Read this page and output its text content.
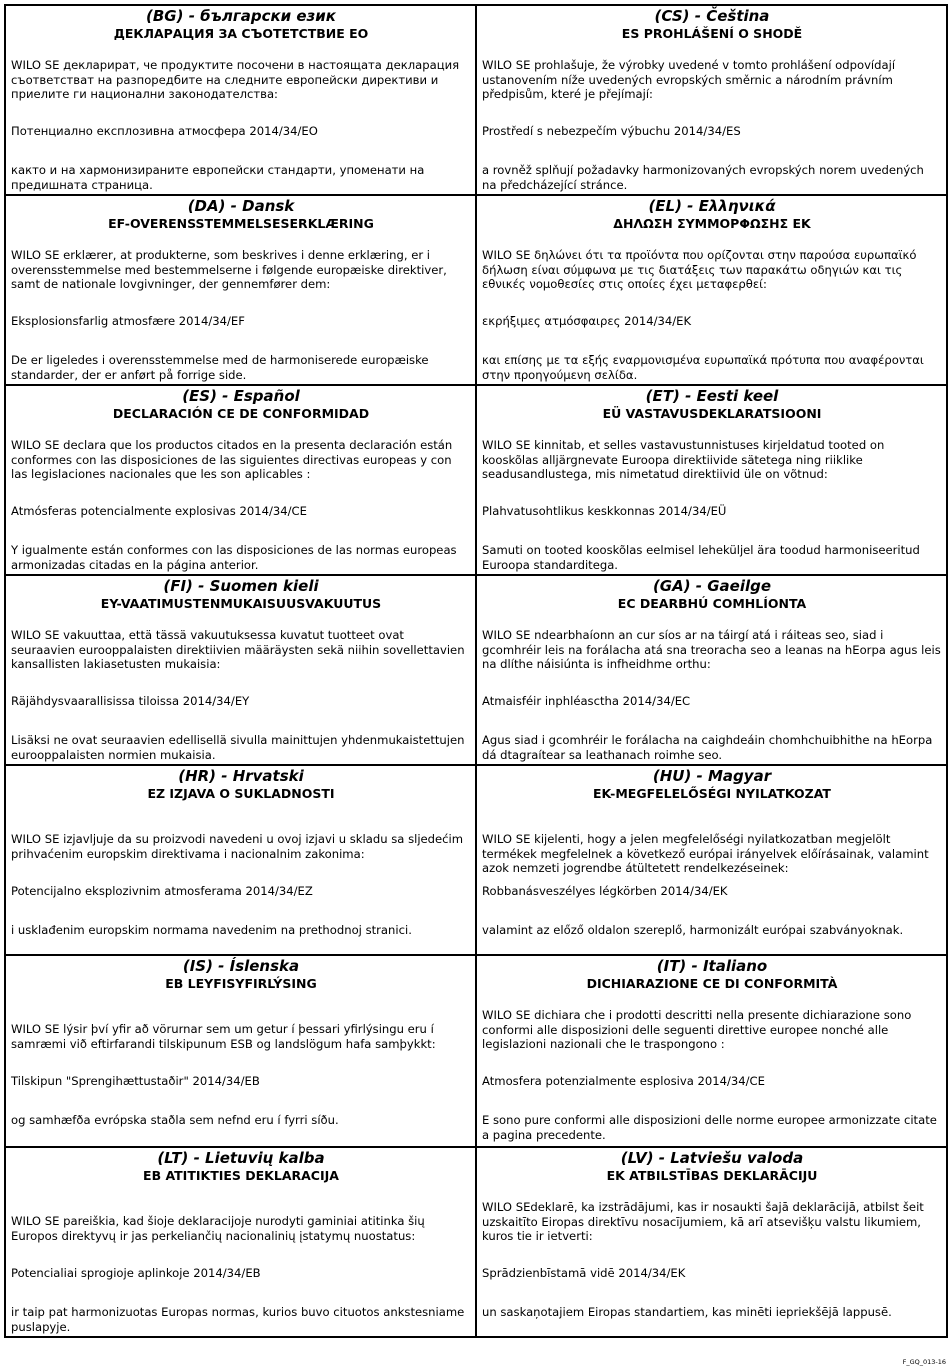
(BG) - български език
ДЕКЛАРАЦИЯ ЗА СЪОТЕТСТВИЕ ЕО

WILO SE декларират, че продуктите посочени в настоящата декларация съответстват на разпоредбите на следните европейски директиви и приелите ги национални законодателства:

Потенциално експлозивна атмосфера 2014/34/ЕО

както и на хармонизираните европейски стандарти, упоменати на предишната страница.

(CS) - Čeština
ES PROHLÁŠENÍ O SHODĚ

WILO SE prohlašuje, že výrobky uvedené v tomto prohlášení odpovídají ustanovením níže uvedených evropských směrnic a národním právním předpisům, které je přejímají:

Prostředí s nebezpečím výbuchu 2014/34/ES

a rovněž splňují požadavky harmonizovaných evropských norem uvedených na předcházející stránce.

(DA) - Dansk
EF-OVERENSSTEMMELSESERKLÆRING

WILO SE erklærer, at produkterne, som beskrives i denne erklæring, er i overensstemmelse med bestemmelserne i følgende europæiske direktiver, samt de nationale lovgivninger, der gennemfører dem:

Eksplosionsfarlig atmosfære 2014/34/EF

De er ligeledes i overensstemmelse med de harmoniserede europæiske standarder, der er anført på forrige side.

(EL) - Ελληνικά
ΔΗΛΩΣΗ ΣΥΜΜΟΡΦΩΣΗΣ ΕΚ

WILO SE δηλώνει ότι τα προϊόντα που ορίζονται στην παρούσα ευρωπαϊκό δήλωση είναι σύμφωνα με τις διατάξεις των παρακάτω οδηγιών και τις εθνικές νομοθεσίες στις οποίες έχει μεταφερθεί:

εκρήξιμες ατμόσφαιρες 2014/34/ΕΚ

και επίσης με τα εξής εναρμονισμένα ευρωπαϊκά πρότυπα που αναφέρονται στην προηγούμενη σελίδα.

(ES) - Español
DECLARACIÓN CE DE CONFORMIDAD

WILO SE declara que los productos citados en la presenta declaración están conformes con las disposiciones de las siguientes directivas europeas y con las legislaciones nacionales que les son aplicables :

Atmósferas potencialmente explosivas 2014/34/CE

Y igualmente están conformes con las disposiciones de las normas europeas armonizadas citadas en la página anterior.

(ET) - Eesti keel
EÜ VASTAVUSDEKLARATSIOONI

WILO SE kinnitab, et selles vastavustunnistuses kirjeldatud tooted on kooskõlas alljärgnevate Euroopa direktiivide sätetega ning riiklike seadusandlustega, mis nimetatud direktiivid üle on võtnud:

Plahvatusohtlikus keskkonnas 2014/34/EÜ

Samuti on tooted kooskõlas eelmisel leheküljel ära toodud harmoniseeritud Euroopa standarditega.

(FI) - Suomen kieli
EY-VAATIMUSTENMUKAISUUSVAKUUTUS

WILO SE vakuuttaa, että tässä vakuutuksessa kuvatut tuotteet ovat seuraavien eurooppalaisten direktiivien määräysten sekä niihin sovellettavien kansallisten lakiasetusten mukaisia:

Räjähdysvaarallisissa tiloissa 2014/34/EY

Lisäksi ne ovat seuraavien edellisellä sivulla mainittujen yhdenmukaistettujen eurooppalaisten normien mukaisia.

(GA) - Gaeilge
EC DEARBHÚ COMHLÍONTA

WILO SE ndearbhaíonn an cur síos ar na táirgí atá i ráiteas seo, siad i gcomhréir leis na forálacha atá sna treoracha seo a leanas na hEorpa agus leis na dlíthe náisiúnta is infheidhme orthu:

Atmaisféir inphléasctha 2014/34/EC

Agus siad i gcomhréir le forálacha na caighdeáin chomhchuibhithe na hEorpa dá dtagraítear sa leathanach roimhe seo.

(HR) - Hrvatski
EZ IZJAVA O SUKLADNOSTI

WILO SE izjavljuje da su proizvodi navedeni u ovoj izjavi u skladu sa sljedećim prihvaćenim europskim direktivama i nacionalnim zakonima:

Potencijalno eksplozivnim atmosferama 2014/34/EZ

i usklađenim europskim normama navedenim na prethodnoj stranici.

(HU) - Magyar
EK-MEGFELELŐSÉGI NYILATKOZAT

WILO SE kijelenti, hogy a jelen megfelelőségi nyilatkozatban megjelölt termékek megfelelnek a következő európai irányelvek előírásainak, valamint azok nemzeti jogrendbe átültetett rendelkezéseinek:

Robbanásveszélyes légkörben 2014/34/EK

valamint az előző oldalon szereplő, harmonizált európai szabványoknak.

(IS) - Íslenska
EB LEYFISYFIRLÝSING

WILO SE lýsir því yfir að vörurnar sem um getur í þessari yfirlýsingu eru í samræmi við eftirfarandi tilskipunum ESB og landslögum hafa samþykkt:

Tilskipun "Sprengihættustaðir" 2014/34/EB

og samhæfða evrópska staðla sem nefnd eru í fyrri síðu.

(IT) - Italiano
DICHIARAZIONE CE DI CONFORMITÀ

WILO SE dichiara che i prodotti descritti nella presente dichiarazione sono conformi alle disposizioni delle seguenti direttive europee nonché alle legislazioni nazionali che le traspongono :

Atmosfera potenzialmente esplosiva 2014/34/CE

E sono pure conformi alle disposizioni delle norme europee armonizzate citate a pagina precedente.

(LT) - Lietuvių kalba
EB ATITIKTIES DEKLARACIJA

WILO SE pareiškia, kad šioje deklaracijoje nurodyti gaminiai atitinka šių Europos direktyvų ir jas perkeliančių nacionalinių įstatymų nuostatus:

Potencialiai sprogioje aplinkoje 2014/34/EB

ir taip pat harmonizuotas Europas normas, kurios buvo cituotos ankstesniame puslapyje.

(LV) - Latviešu valoda
EK ATBILSTĪBAS DEKLARĀCIJU

WILO SEdeklarē, ka izstrādājumi, kas ir nosaukti šajā deklarācijā, atbilst šeit uzskaitīto Eiropas direktīvu nosacījumiem, kā arī atsevišķu valstu likumiem, kuros tie ir ietverti:

Sprādzienbīstamā vidē 2014/34/EK

un saskaņotajiem Eiropas standartiem, kas minēti iepriekšējā lappusē.

F_GQ_013-16
